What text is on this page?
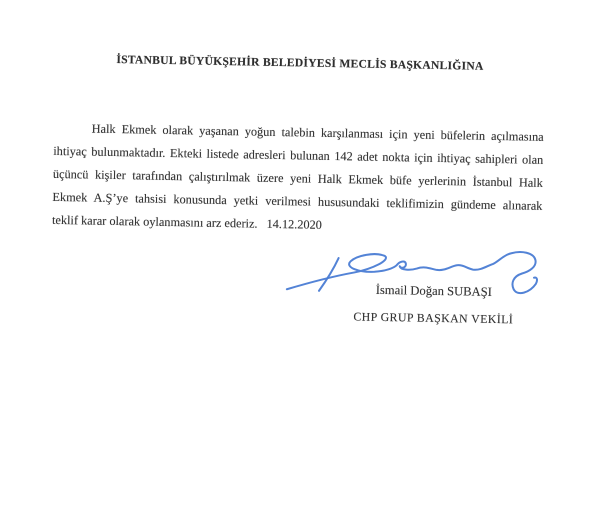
İSTANBUL BÜYÜKŞEHİR BELEDİYESİ MECLİS BAŞKANLIĞINA

Halk Ekmek olarak yaşanan yoğun talebin karşılanması için yeni büfelerin açılmasına

ihtiyaç bulunmaktadır. Ekteki listede adresleri bulunan 142 adet nokta için ihtiyaç sahipleri olan

üçüncü kişiler tarafından çalıştırılmak üzere yeni Halk Ekmek büfe yerlerinin İstanbul Halk

Ekmek A.Ş’ye tahsisi konusunda yetki verilmesi hususundaki teklifimizin gündeme alınarak

teklif karar olarak oylanmasını arz ederiz. 14.12.2020

İsmail Doğan SUBAŞI
CHP GRUP BAŞKAN VEKİLİ
